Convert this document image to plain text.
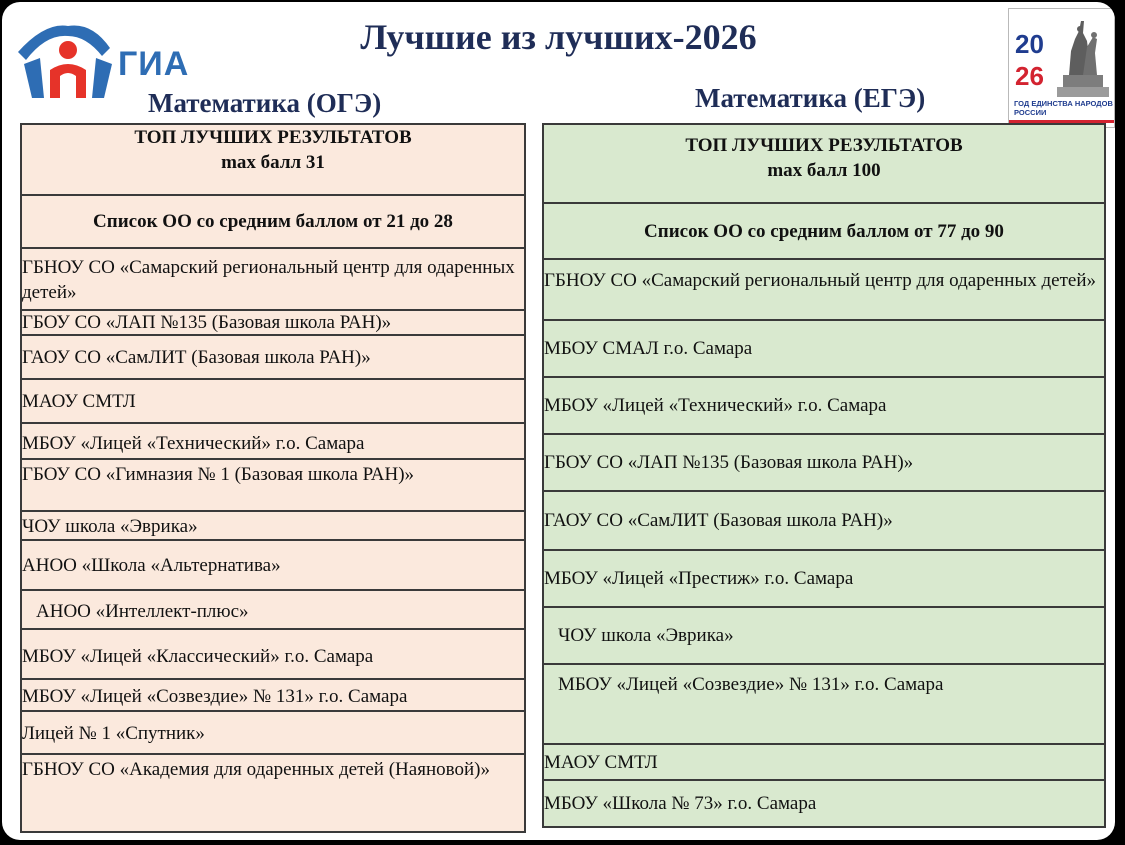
ГИА
Лучшие из лучших-2026	20
26
ГОД ЕДИНСТВА НАРОДОВ РОССИИ
Математика (ОГЭ)	Математика (ЕГЭ)
ТОП ЛУЧШИХ РЕЗУЛЬТАТОВ
max балл 31

Список ОО со средним баллом от 21 до 28
ГБНОУ СО «Самарский региональный центр для одаренных детей»
ГБОУ СО «ЛАП №135 (Базовая школа РАН)»
ГАОУ СО «СамЛИТ (Базовая школа РАН)»
МАОУ СМТЛ
МБОУ «Лицей «Технический» г.о. Самара
ГБОУ СО «Гимназия № 1 (Базовая школа РАН)»
ЧОУ школа «Эврика»
АНОО «Школа «Альтернатива»
АНОО «Интеллект-плюс»
МБОУ «Лицей «Классический» г.о. Самара
МБОУ «Лицей «Созвездие» № 131» г.о. Самара
Лицей № 1 «Спутник»
ГБНОУ СО «Академия для одаренных детей (Наяновой)»
ТОП ЛУЧШИХ РЕЗУЛЬТАТОВ
max балл 100

Список ОО со средним баллом от 77 до 90
ГБНОУ СО «Самарский региональный центр для одаренных детей»
МБОУ СМАЛ г.о. Самара
МБОУ «Лицей «Технический» г.о. Самара
ГБОУ СО «ЛАП №135 (Базовая школа РАН)»
ГАОУ СО «СамЛИТ (Базовая школа РАН)»
МБОУ «Лицей «Престиж» г.о. Самара
ЧОУ школа «Эврика»
МБОУ «Лицей «Созвездие» № 131» г.о. Самара
МАОУ СМТЛ
МБОУ «Школа № 73» г.о. Самара
